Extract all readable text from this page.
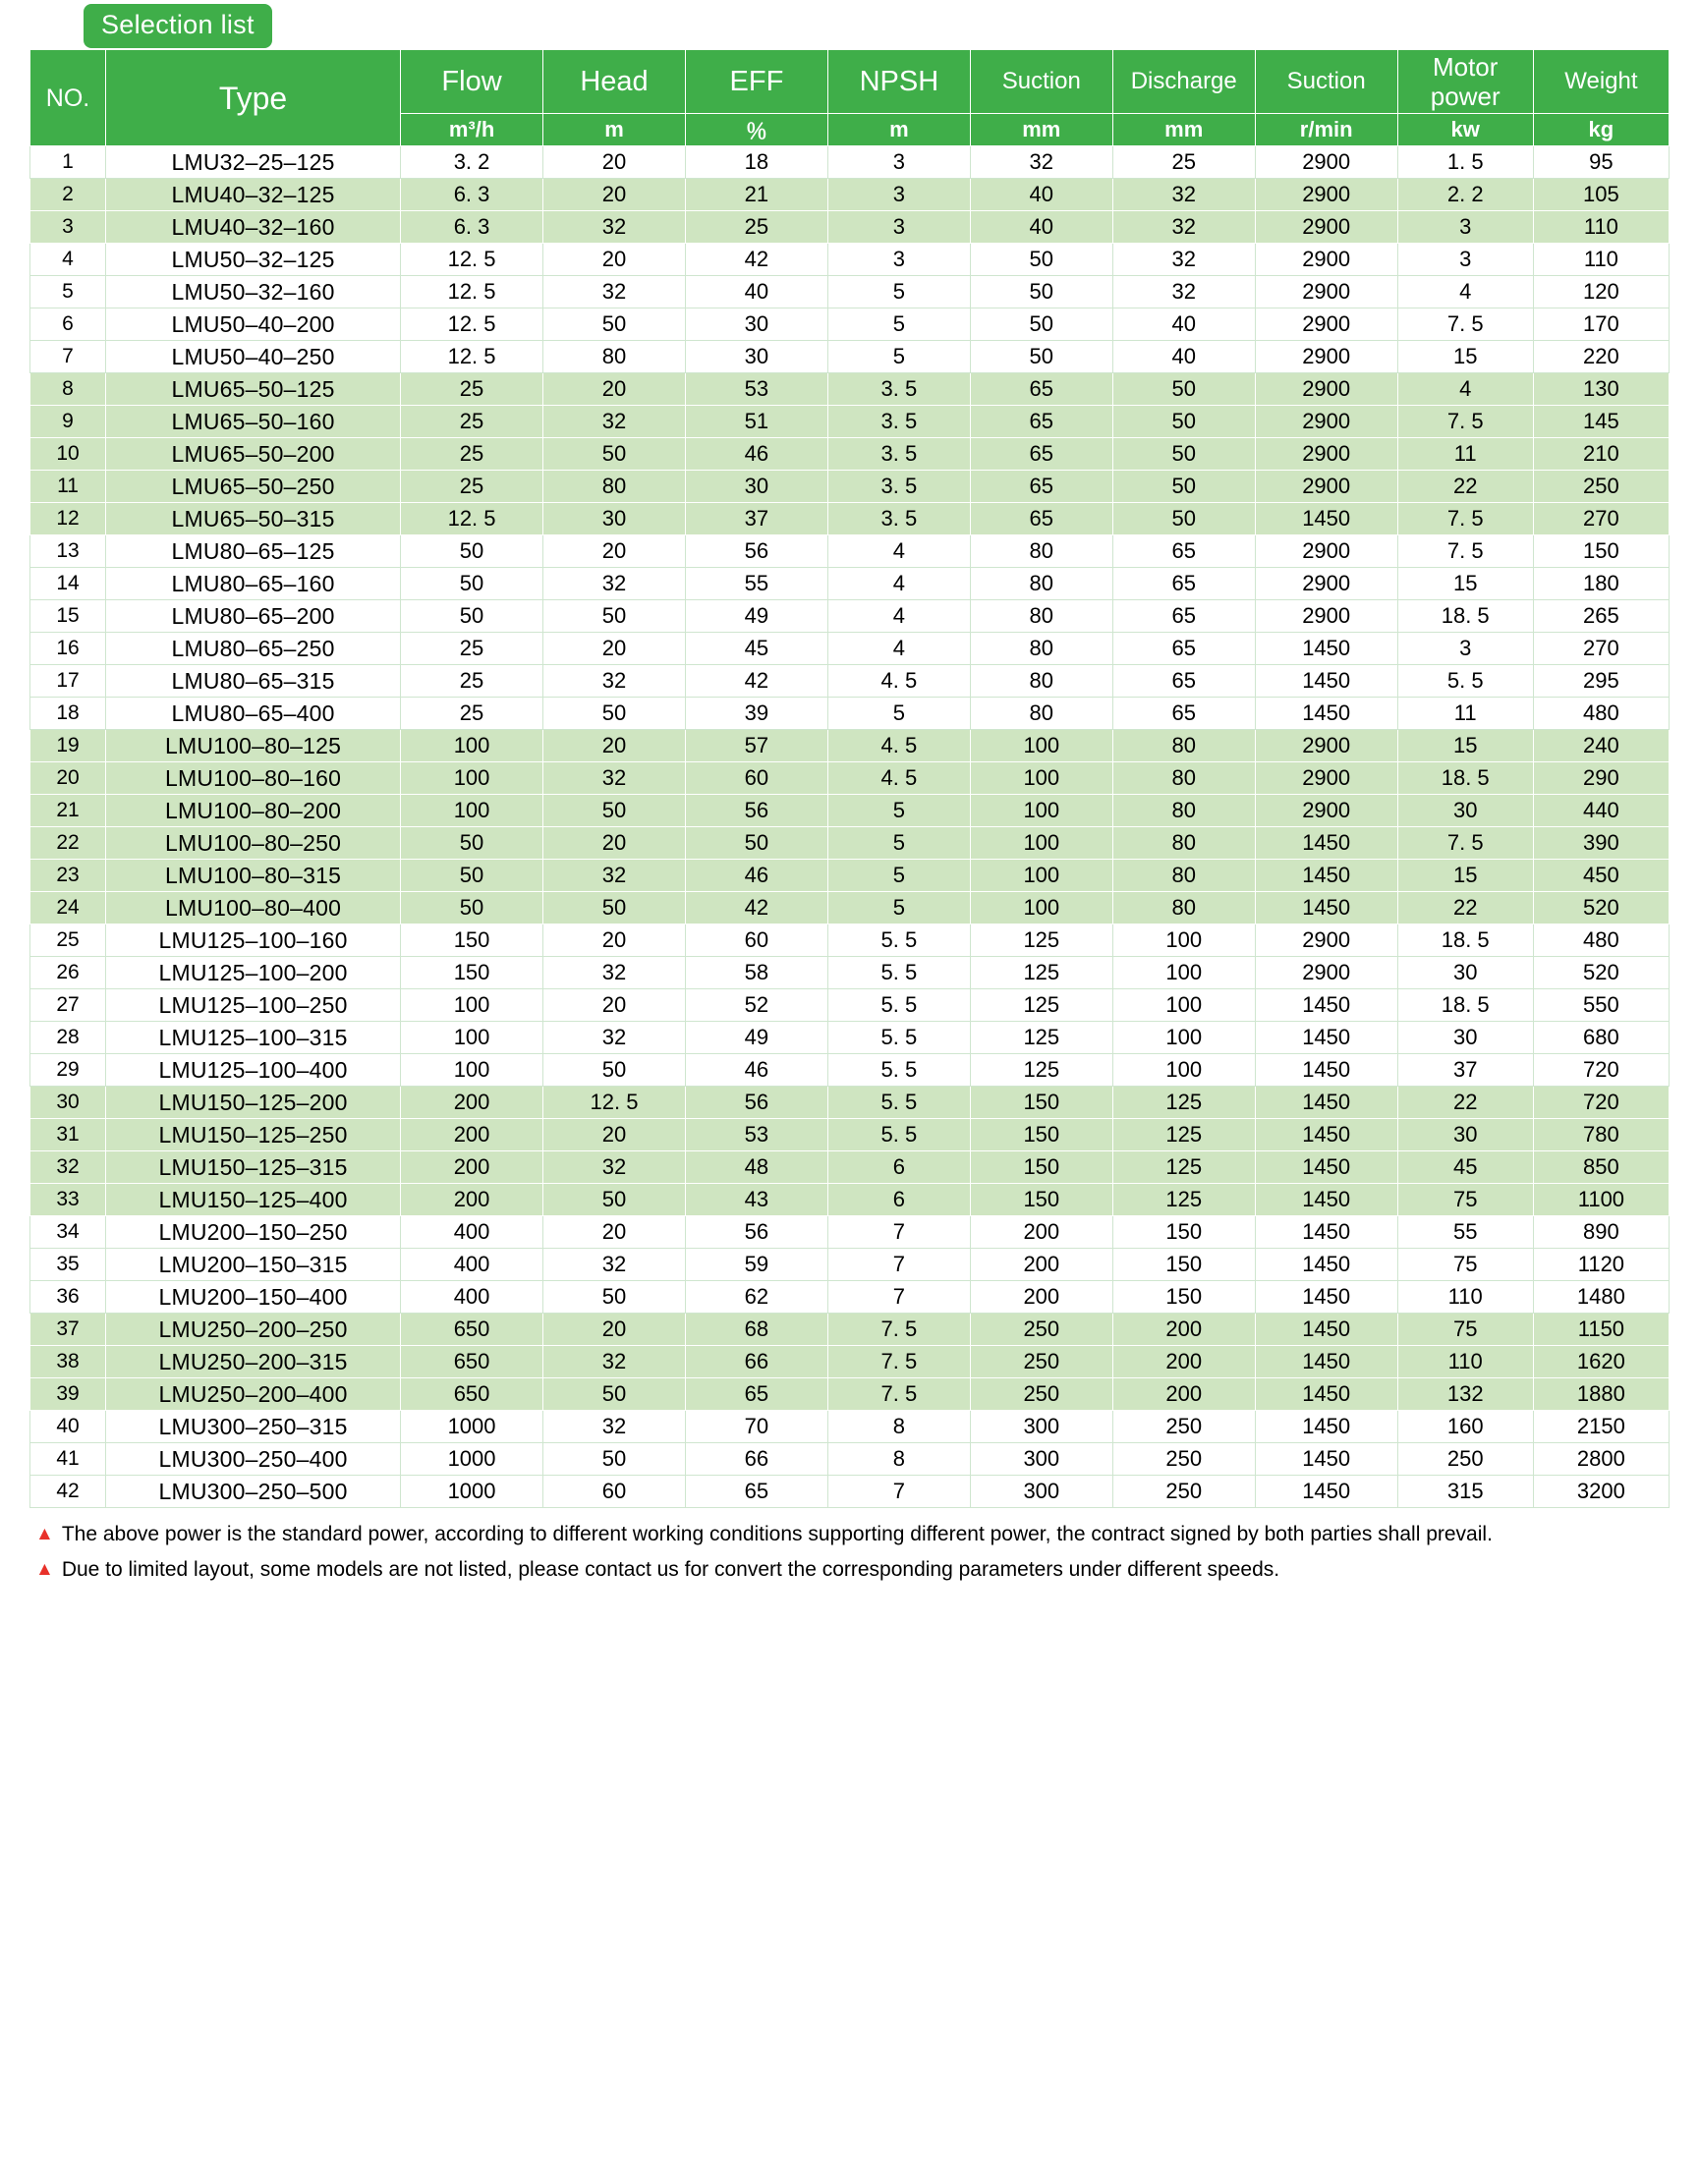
Selection list
NO.	Type	Flow	Head	EFF	NPSH	Suction	Discharge	Suction	Motor power	Weight
		m³/h	m	％	m	mm	mm	r/min	kw	kg
1	LMU32–25–125	3. 2	20	18	3	32	25	2900	1. 5	95
2	LMU40–32–125	6. 3	20	21	3	40	32	2900	2. 2	105
3	LMU40–32–160	6. 3	32	25	3	40	32	2900	3	110
4	LMU50–32–125	12. 5	20	42	3	50	32	2900	3	110
5	LMU50–32–160	12. 5	32	40	5	50	32	2900	4	120
6	LMU50–40–200	12. 5	50	30	5	50	40	2900	7. 5	170
7	LMU50–40–250	12. 5	80	30	5	50	40	2900	15	220
8	LMU65–50–125	25	20	53	3. 5	65	50	2900	4	130
9	LMU65–50–160	25	32	51	3. 5	65	50	2900	7. 5	145
10	LMU65–50–200	25	50	46	3. 5	65	50	2900	11	210
11	LMU65–50–250	25	80	30	3. 5	65	50	2900	22	250
12	LMU65–50–315	12. 5	30	37	3. 5	65	50	1450	7. 5	270
13	LMU80–65–125	50	20	56	4	80	65	2900	7. 5	150
14	LMU80–65–160	50	32	55	4	80	65	2900	15	180
15	LMU80–65–200	50	50	49	4	80	65	2900	18. 5	265
16	LMU80–65–250	25	20	45	4	80	65	1450	3	270
17	LMU80–65–315	25	32	42	4. 5	80	65	1450	5. 5	295
18	LMU80–65–400	25	50	39	5	80	65	1450	11	480
19	LMU100–80–125	100	20	57	4. 5	100	80	2900	15	240
20	LMU100–80–160	100	32	60	4. 5	100	80	2900	18. 5	290
21	LMU100–80–200	100	50	56	5	100	80	2900	30	440
22	LMU100–80–250	50	20	50	5	100	80	1450	7. 5	390
23	LMU100–80–315	50	32	46	5	100	80	1450	15	450
24	LMU100–80–400	50	50	42	5	100	80	1450	22	520
25	LMU125–100–160	150	20	60	5. 5	125	100	2900	18. 5	480
26	LMU125–100–200	150	32	58	5. 5	125	100	2900	30	520
27	LMU125–100–250	100	20	52	5. 5	125	100	1450	18. 5	550
28	LMU125–100–315	100	32	49	5. 5	125	100	1450	30	680
29	LMU125–100–400	100	50	46	5. 5	125	100	1450	37	720
30	LMU150–125–200	200	12. 5	56	5. 5	150	125	1450	22	720
31	LMU150–125–250	200	20	53	5. 5	150	125	1450	30	780
32	LMU150–125–315	200	32	48	6	150	125	1450	45	850
33	LMU150–125–400	200	50	43	6	150	125	1450	75	1100
34	LMU200–150–250	400	20	56	7	200	150	1450	55	890
35	LMU200–150–315	400	32	59	7	200	150	1450	75	1120
36	LMU200–150–400	400	50	62	7	200	150	1450	110	1480
37	LMU250–200–250	650	20	68	7. 5	250	200	1450	75	1150
38	LMU250–200–315	650	32	66	7. 5	250	200	1450	110	1620
39	LMU250–200–400	650	50	65	7. 5	250	200	1450	132	1880
40	LMU300–250–315	1000	32	70	8	300	250	1450	160	2150
41	LMU300–250–400	1000	50	66	8	300	250	1450	250	2800
42	LMU300–250–500	1000	60	65	7	300	250	1450	315	3200
▲ The above power is the standard power, according to different working conditions supporting different power, the contract signed by both parties shall prevail.
▲ Due to limited layout, some models are not listed, please contact us for convert the corresponding parameters under different speeds.
